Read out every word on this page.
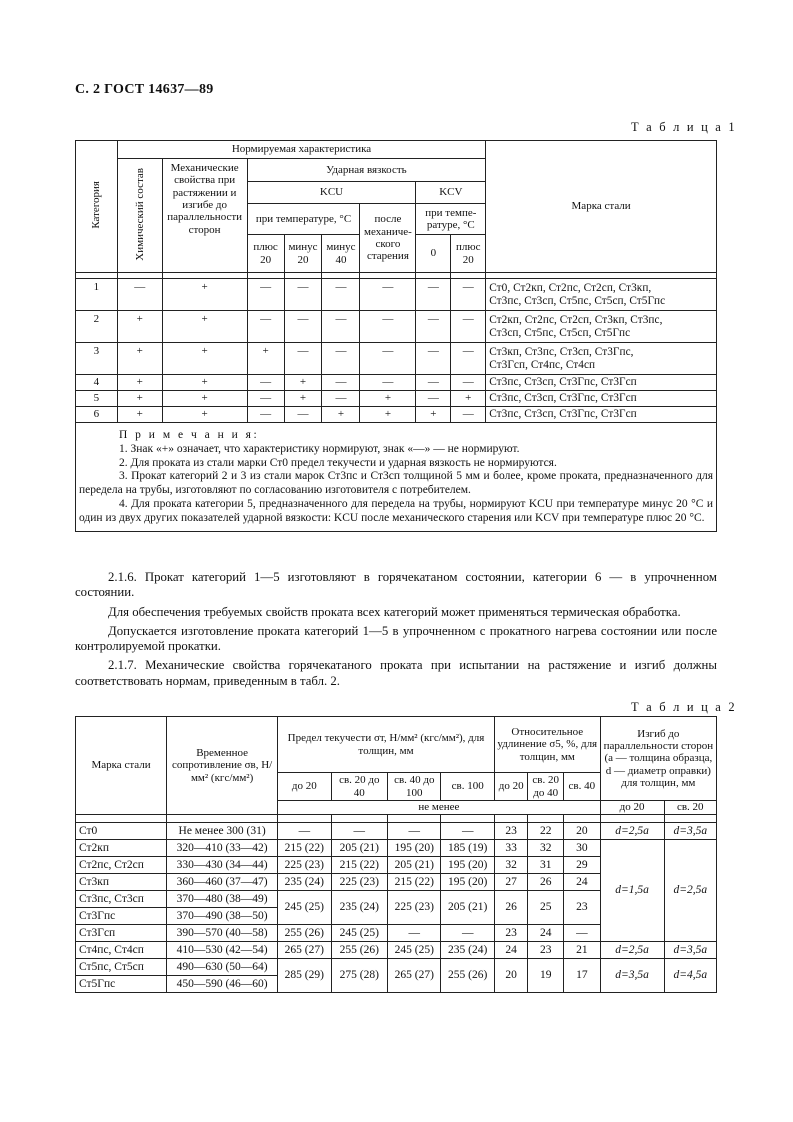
С. 2 ГОСТ 14637—89
Т а б л и ц а 1
Категория	Нормируемая характеристика								Марка стали
	Химический состав	Механические свойства при растяжении и изгибе до параллельности сторон	Ударная вязкость						
			KCU				KCV		
			при температуре, °С			после механиче-ского старения	при темпе-ратуре, °С		
			плюс 20	минус 20	минус 40		0	плюс 20	

1	—	+	—	—	—	—	—	—	Ст0, Ст2кп, Ст2пс, Ст2сп, Ст3кп,
Ст3пс, Ст3сп, Ст5пс, Ст5сп, Ст5Гпс

2	+	+	—	—	—	—	—	—	Ст2кп, Ст2пс, Ст2сп, Ст3кп, Ст3пс,
Ст3сп, Ст5пс, Ст5сп, Ст5Гпс

3	+	+	+	—	—	—	—	—	Ст3кп, Ст3пс, Ст3сп, Ст3Гпс,
Ст3Гсп, Ст4пс, Ст4сп

4	+	+	—	+	—	—	—	—	Ст3пс, Ст3сп, Ст3Гпс, Ст3Гсп
5	+	+	—	+	—	+	—	+	Ст3пс, Ст3сп, Ст3Гпс, Ст3Гсп
6	+	+	—	—	+	+	+	—	Ст3пс, Ст3сп, Ст3Гпс, Ст3Гсп

П р и м е ч а н и я:
1. Знак «+» означает, что характеристику нормируют, знак «—» — не нормируют.
2. Для проката из стали марки Ст0 предел текучести и ударная вязкость не нормируются.
3. Прокат категорий 2 и 3 из стали марок Ст3пс и Ст3сп толщиной 5 мм и более, кроме проката, предназначенного для передела на трубы, изготовляют по согласованию изготовителя с потребителем.
4. Для проката категории 5, предназначенного для передела на трубы, нормируют KCU при температуре минус 20 °С и один из двух других показателей ударной вязкости: KCU после механического старения или KCV при температуре плюс 20 °С.									
2.1.6. Прокат категорий 1—5 изготовляют в горячекатаном состоянии, категории 6 — в упрочненном состоянии.
Для обеспечения требуемых свойств проката всех категорий может применяться термическая обработка.
Допускается изготовление проката категорий 1—5 в упрочненном с прокатного нагрева состоянии или после контролируемой прокатки.
2.1.7. Механические свойства горячекатаного проката при испытании на растяжение и изгиб должны соответствовать нормам, приведенным в табл. 2.
Т а б л и ц а 2
Марка стали	Временное сопротивление σв, Н/мм² (кгс/мм²)	Предел текучести σт, Н/мм² (кгс/мм²), для толщин, мм				Относительное удлинение σ5, %, для толщин, мм			Изгиб до параллельности сторон (а — толщина образца, d — диаметр оправки) для толщин, мм	
		до 20	св. 20 до 40	св. 40 до 100	св. 100	до 20	св. 20 до 40	св. 40		
		не менее							до 20	св. 20

Ст0	Не менее 300 (31)	—	—	—	—	23	22	20	d=2,5a	d=3,5a
Ст2кп	320—410 (33—42)	215 (22)	205 (21)	195 (20)	185 (19)	33	32	30	d=1,5a	d=2,5a
Ст2пс, Ст2сп	330—430 (34—44)	225 (23)	215 (22)	205 (21)	195 (20)	32	31	29		
Ст3кп	360—460 (37—47)	235 (24)	225 (23)	215 (22)	195 (20)	27	26	24		
Ст3пс, Ст3сп	370—480 (38—49)	245 (25)	235 (24)	225 (23)	205 (21)	26	25	23		
Ст3Гпс	370—490 (38—50)									
Ст3Гсп	390—570 (40—58)	255 (26)	245 (25)	—	—	23	24	—		
Ст4пс, Ст4сп	410—530 (42—54)	265 (27)	255 (26)	245 (25)	235 (24)	24	23	21	d=2,5a	d=3,5a
Ст5пс, Ст5сп	490—630 (50—64)	285 (29)	275 (28)	265 (27)	255 (26)	20	19	17	d=3,5a	d=4,5a
Ст5Гпс	450—590 (46—60)									
